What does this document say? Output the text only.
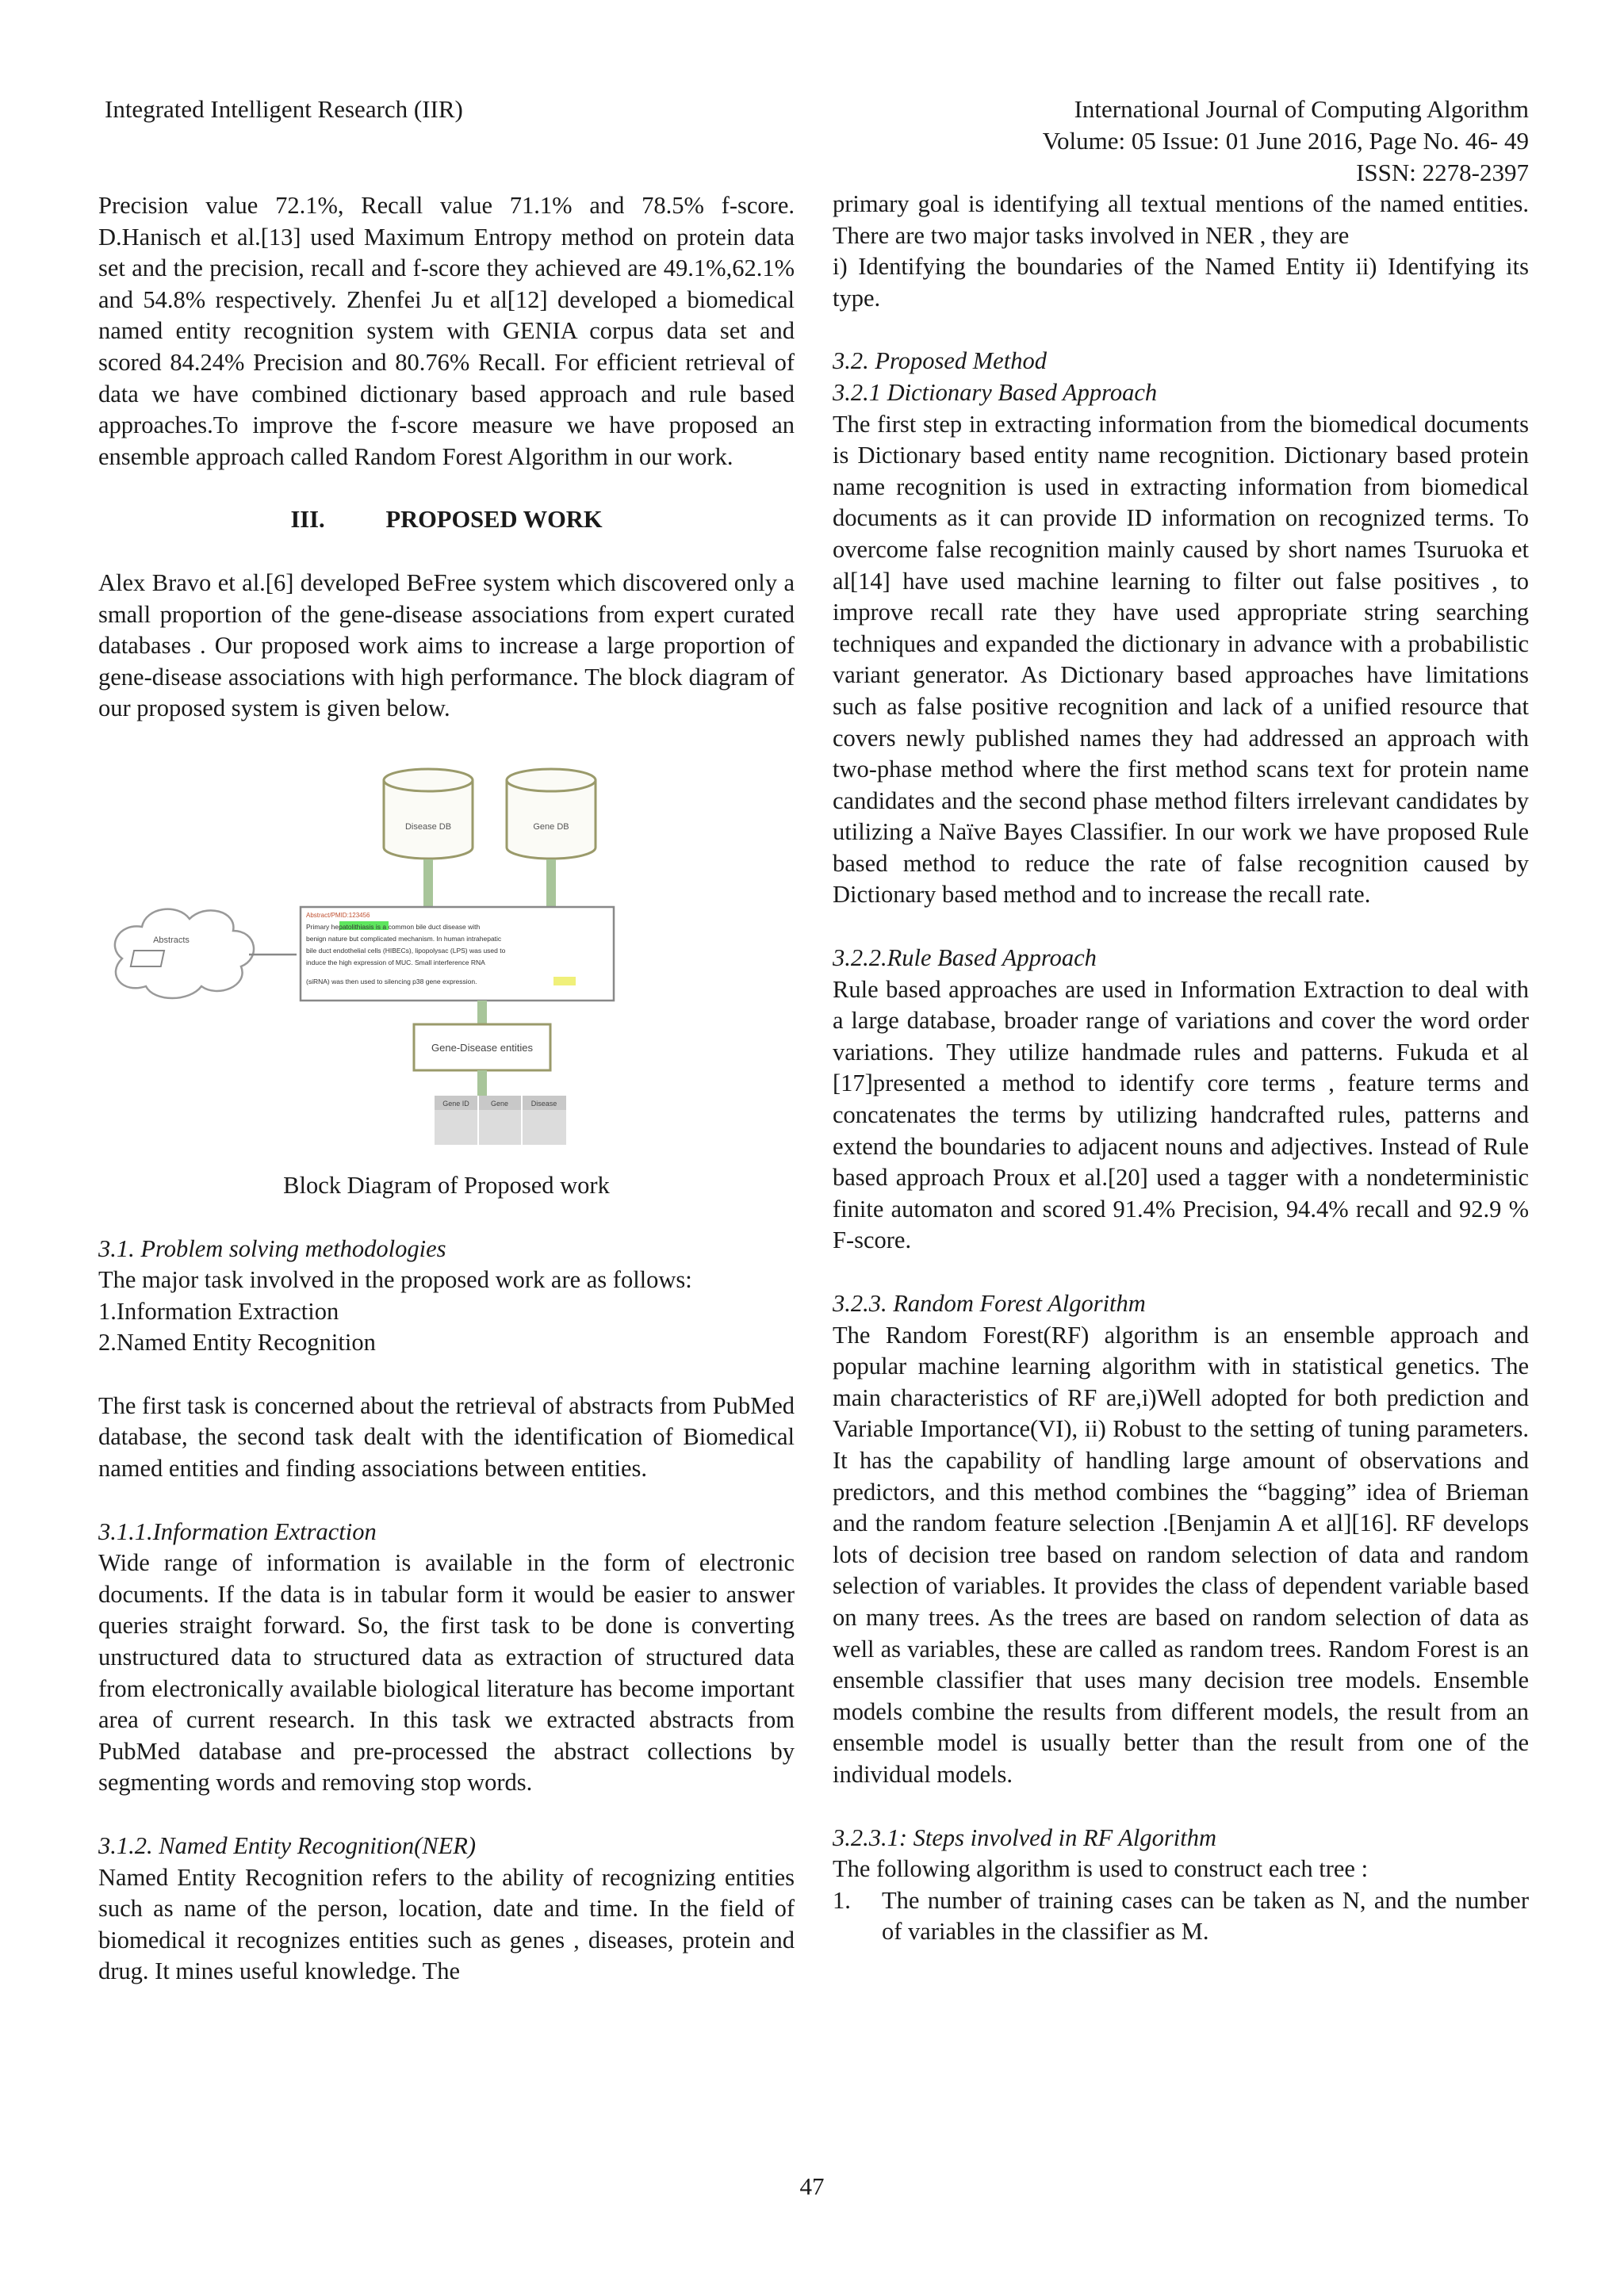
Integrated Intelligent Research (IIR)	International Journal of Computing Algorithm
Volume: 05 Issue: 01 June 2016, Page No. 46- 49
ISSN: 2278-2397

Precision value 72.1%, Recall value 71.1% and 78.5% f-score. D.Hanisch et al.[13] used Maximum Entropy method on protein data set and the precision, recall and f-score they achieved are 49.1%,62.1% and 54.8% respectively. Zhenfei Ju et al[12] developed a biomedical named entity recognition system with GENIA corpus data set and scored 84.24% Precision and 80.76% Recall. For efficient retrieval of data we have combined dictionary based approach and rule based approaches.To improve the f-score measure we have proposed an ensemble approach called Random Forest Algorithm in our work.

III.	PROPOSED WORK

Alex Bravo et al.[6] developed BeFree system which discovered only a small proportion of the gene-disease associations from expert curated databases . Our proposed work aims to increase a large proportion of gene-disease associations with high performance. The block diagram of our proposed system is given below.

Disease DB	Gene DB
Abstracts
Abstract/PMID:123456
Primary hepatolithiasis is a common bile duct disease with
benign nature but complicated mechanism. In human intrahepatic
bile duct endothelial cells (HIBECs), lipopolysac (LPS) was used to
induce the high expression of MUC. Small interference RNA
(siRNA) was then used to silencing p38 gene expression.
Gene-Disease entities
Gene ID	Gene	Disease

Block Diagram of Proposed work

3.1. Problem solving methodologies

The major task involved in the proposed work are as follows:

1.Information Extraction

2.Named Entity Recognition

The first task is concerned about the retrieval of abstracts from PubMed database, the second task dealt with the identification of Biomedical named entities and finding associations between entities.

3.1.1.Information Extraction

Wide range of information is available in the form of electronic documents. If the data is in tabular form it would be easier to answer queries straight forward. So, the first task to be done is converting unstructured data to structured data as extraction of structured data from electronically available biological literature has become important area of current research. In this task we extracted abstracts from PubMed database and pre-processed the abstract collections by segmenting words and removing stop words.

3.1.2. Named Entity Recognition(NER)

Named Entity Recognition refers to the ability of recognizing entities such as name of the person, location, date and time. In the field of biomedical it recognizes entities such as genes , diseases, protein and drug. It mines useful knowledge. The

primary goal is identifying all textual mentions of the named entities. There are two major tasks involved in NER , they are

i) Identifying the boundaries of the Named Entity ii) Identifying its type.

3.2. Proposed Method

3.2.1 Dictionary Based Approach

The first step in extracting information from the biomedical documents is Dictionary based entity name recognition. Dictionary based protein name recognition is used in extracting information from biomedical documents as it can provide ID information on recognized terms. To overcome false recognition mainly caused by short names Tsuruoka et al[14] have used machine learning to filter out false positives , to improve recall rate they have used appropriate string searching techniques and expanded the dictionary in advance with a probabilistic variant generator. As Dictionary based approaches have limitations such as false positive recognition and lack of a unified resource that covers newly published names they had addressed an approach with two-phase method where the first method scans text for protein name candidates and the second phase method filters irrelevant candidates by utilizing a Naïve Bayes Classifier. In our work we have proposed Rule based method to reduce the rate of false recognition caused by Dictionary based method and to increase the recall rate.

3.2.2.Rule Based Approach

Rule based approaches are used in Information Extraction to deal with a large database, broader range of variations and cover the word order variations. They utilize handmade rules and patterns. Fukuda et al [17]presented a method to identify core terms , feature terms and concatenates the terms by utilizing handcrafted rules, patterns and extend the boundaries to adjacent nouns and adjectives. Instead of Rule based approach Proux et al.[20] used a tagger with a nondeterministic finite automaton and scored 91.4% Precision, 94.4% recall and 92.9 % F-score.

3.2.3. Random Forest Algorithm

The Random Forest(RF) algorithm is an ensemble approach and popular machine learning algorithm with in statistical genetics. The main characteristics of RF are,i)Well adopted for both prediction and Variable Importance(VI), ii) Robust to the setting of tuning parameters. It has the capability of handling large amount of observations and predictors, and this method combines the “bagging” idea of Brieman and the random feature selection .[Benjamin A et al][16]. RF develops lots of decision tree based on random selection of data and random selection of variables. It provides the class of dependent variable based on many trees. As the trees are based on random selection of data as well as variables, these are called as random trees. Random Forest is an ensemble classifier that uses many decision tree models. Ensemble models combine the results from different models, the result from an ensemble model is usually better than the result from one of the individual models.

3.2.3.1: Steps involved in RF Algorithm

The following algorithm is used to construct each tree :

1.	The number of training cases can be taken as N, and the number of variables in the classifier as M.
47
